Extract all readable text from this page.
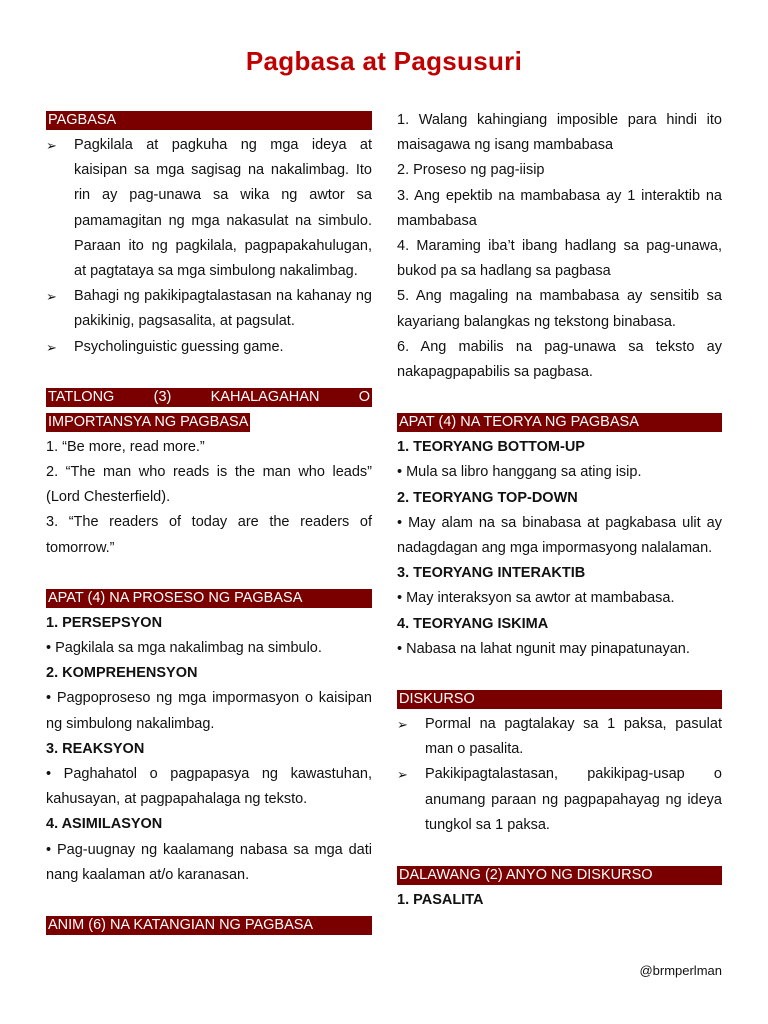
Pagbasa at Pagsusuri
PAGBASA
➢	Pagkilala at pagkuha ng mga ideya at kaisipan sa mga sagisag na nakalimbag. Ito rin ay pag-unawa sa wika ng awtor sa pamamagitan ng mga nakasulat na simbulo. Paraan ito ng pagkilala, pagpapakahulugan, at pagtataya sa mga simbulong nakalimbag.
➢	Bahagi ng pakikipagtalastasan na kahanay ng pakikinig, pagsasalita, at pagsulat.
➢	Psycholinguistic guessing game.
TATLONG (3) KAHALAGAHAN O
IMPORTANSYA NG PAGBASA
1. “Be more, read more.”
2. “The man who reads is the man who leads” (Lord Chesterfield).
3. “The readers of today are the readers of tomorrow.”
APAT (4) NA PROSESO NG PAGBASA
1. PERSEPSYON
• Pagkilala sa mga nakalimbag na simbulo.
2. KOMPREHENSYON
• Pagpoproseso ng mga impormasyon o kaisipan ng simbulong nakalimbag.
3. REAKSYON
• Paghahatol o pagpapasya ng kawastuhan, kahusayan, at pagpapahalaga ng teksto.
4. ASIMILASYON
• Pag-uugnay ng kaalamang nabasa sa mga dati nang kaalaman at/o karanasan.
ANIM (6) NA KATANGIAN NG PAGBASA
1. Walang kahingiang imposible para hindi ito maisagawa ng isang mambabasa
2. Proseso ng pag-iisip
3. Ang epektib na mambabasa ay 1 interaktib na mambabasa
4. Maraming iba’t ibang hadlang sa pag-unawa, bukod pa sa hadlang sa pagbasa
5. Ang magaling na mambabasa ay sensitib sa kayariang balangkas ng tekstong binabasa.
6. Ang mabilis na pag-unawa sa teksto ay nakapagpapabilis sa pagbasa.
APAT (4) NA TEORYA NG PAGBASA
1. TEORYANG BOTTOM-UP
• Mula sa libro hanggang sa ating isip.
2. TEORYANG TOP-DOWN
• May alam na sa binabasa at pagkabasa ulit ay nadagdagan ang mga impormasyong nalalaman.
3. TEORYANG INTERAKTIB
• May interaksyon sa awtor at mambabasa.
4. TEORYANG ISKIMA
• Nabasa na lahat ngunit may pinapatunayan.
DISKURSO
➢	Pormal na pagtalakay sa 1 paksa, pasulat man o pasalita.
➢	Pakikipagtalastasan, pakikipag-usap o anumang paraan ng pagpapahayag ng ideya tungkol sa 1 paksa.
DALAWANG (2) ANYO NG DISKURSO
1. PASALITA
@brmperlman
